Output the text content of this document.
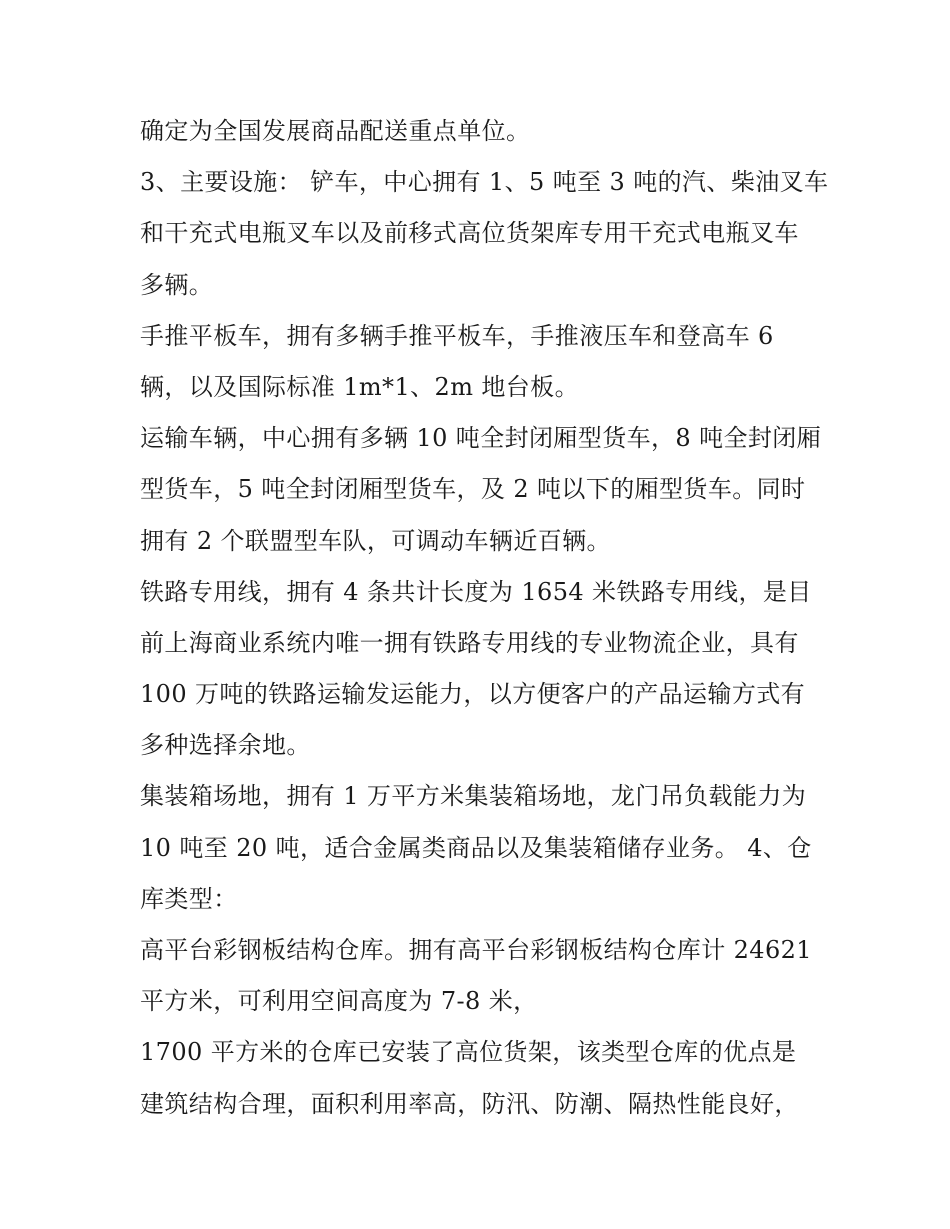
确定为全国发展商品配送重点单位。
3、主要设施： 铲车，中心拥有 1、5 吨至 3 吨的汽、柴油叉车
和干充式电瓶叉车以及前移式高位货架库专用干充式电瓶叉车
多辆。
手推平板车，拥有多辆手推平板车，手推液压车和登高车 6
辆，以及国际标准 1m*1、2m 地台板。
运输车辆，中心拥有多辆 10 吨全封闭厢型货车，8 吨全封闭厢
型货车，5 吨全封闭厢型货车，及 2 吨以下的厢型货车。同时
拥有 2 个联盟型车队，可调动车辆近百辆。
铁路专用线，拥有 4 条共计长度为 1654 米铁路专用线，是目
前上海商业系统内唯一拥有铁路专用线的专业物流企业，具有
100 万吨的铁路运输发运能力，以方便客户的产品运输方式有
多种选择余地。
集装箱场地，拥有 1 万平方米集装箱场地，龙门吊负载能力为
10 吨至 20 吨，适合金属类商品以及集装箱储存业务。 4、仓
库类型：
高平台彩钢板结构仓库。拥有高平台彩钢板结构仓库计 24621
平方米，可利用空间高度为 7-8 米，
1700 平方米的仓库已安装了高位货架，该类型仓库的优点是
建筑结构合理，面积利用率高，防汛、防潮、隔热性能良好，
